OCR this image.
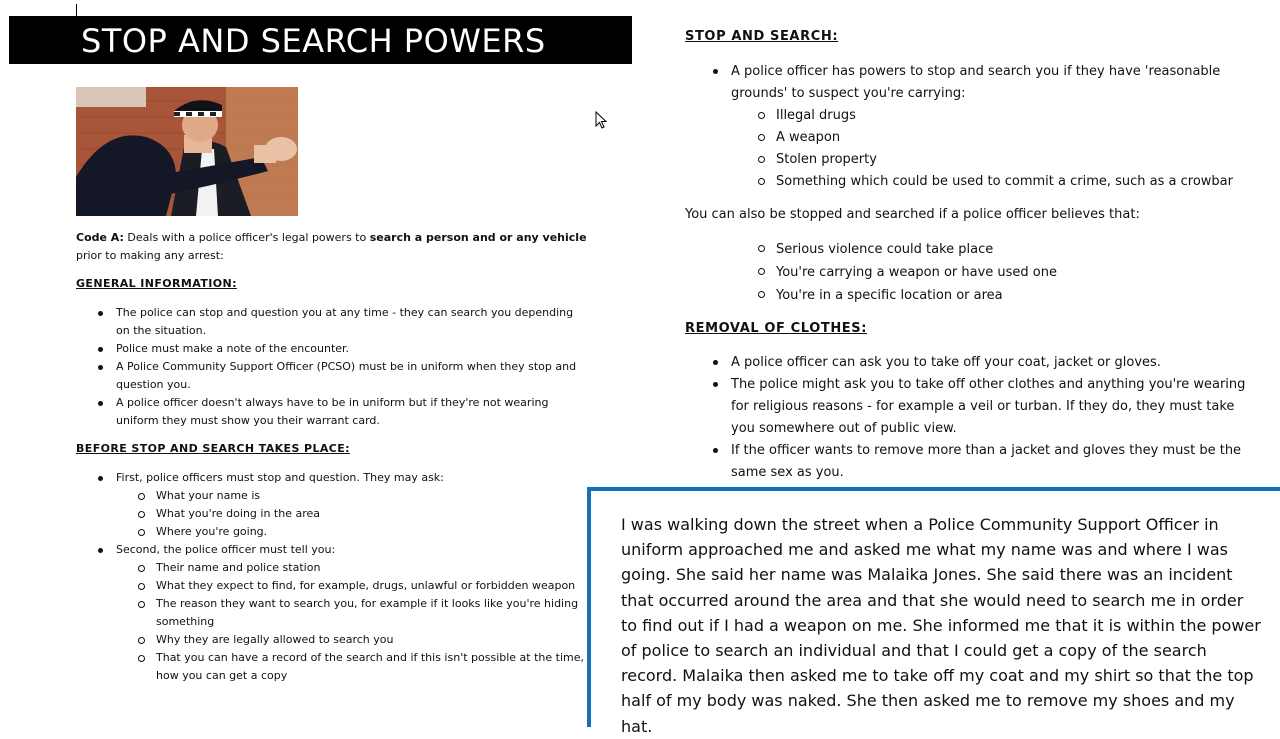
STOP AND SEARCH POWERS
Code A: Deals with a police officer's legal powers to search a person and or any vehicle prior to making any arrest:
GENERAL INFORMATION:
The police can stop and question you at any time - they can search you depending on the situation.
Police must make a note of the encounter.
A Police Community Support Officer (PCSO) must be in uniform when they stop and question you.
A police officer doesn't always have to be in uniform but if they're not wearing uniform they must show you their warrant card.
BEFORE STOP AND SEARCH TAKES PLACE:
First, police officers must stop and question. They may ask:
What your name is
What you're doing in the area
Where you're going.
Second, the police officer must tell you:
Their name and police station
What they expect to find, for example, drugs, unlawful or forbidden weapon
The reason they want to search you, for example if it looks like you're hiding something
Why they are legally allowed to search you
That you can have a record of the search and if this isn't possible at the time, how you can get a copy
STOP AND SEARCH:
A police officer has powers to stop and search you if they have 'reasonable grounds' to suspect you're carrying:
Illegal drugs
A weapon
Stolen property
Something which could be used to commit a crime, such as a crowbar
You can also be stopped and searched if a police officer believes that:
Serious violence could take place
You're carrying a weapon or have used one
You're in a specific location or area
REMOVAL OF CLOTHES:
A police officer can ask you to take off your coat, jacket or gloves.
The police might ask you to take off other clothes and anything you're wearing for religious reasons - for example a veil or turban. If they do, they must take you somewhere out of public view.
If the officer wants to remove more than a jacket and gloves they must be the same sex as you.
I was walking down the street when a Police Community Support Officer in uniform approached me and asked me what my name was and where I was going. She said her name was Malaika Jones. She said there was an incident that occurred around the area and that she would need to search me in order to find out if I had a weapon on me. She informed me that it is within the power of police to search an individual and that I could get a copy of the search record. Malaika then asked me to take off my coat and my shirt so that the top half of my body was naked. She then asked me to remove my shoes and my hat.
